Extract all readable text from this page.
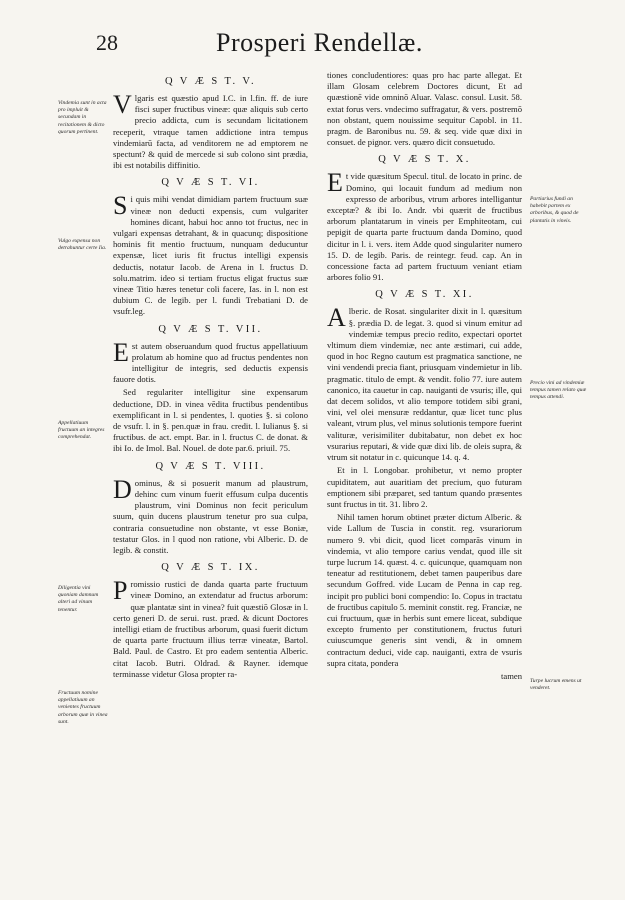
28	Prosperi Rendellæ.
Q V Æ S T. V.

Vlgaris est quæstio apud I.C. in l.fin. ff. de iure fisci super fructibus vineæ: quæ aliquis sub certo precio addicta, cum is secundam licitationem receperit, vtraque tamen addictione intra tempus vindemiarū facta, ad venditorem ne ad emptorem ne spectunt? & quid de mercede si sub colono sint prædia, ibi est notabilis diffinitio.

Q V Æ S T. VI.

Si quis mihi vendat dimidiam partem fructuum suæ vineæ non deducti expensis, cum vulgariter homines dicant, habui hoc anno tot fructus, nec in vulgari expensas detrahant, & in quacunq; dispositione hominis fit mentio fructuum, nunquam deducuntur expensæ, licet iuris fit fructus intelligi expensis deductis, notatur Iacob. de Arena in l. fructus D. solu.matrim. ideo si tertiam fructus eligat fructus suæ vineæ Titio hæres tenetur coli facere, Ias. in l. non est dubium C. de legib. per l. fundi Trebatiani D. de vsufr.leg.

Q V Æ S T. VII.

Est autem obseruandum quod fructus appellatiuum prolatum ab homine quo ad fructus pendentes non intelligitur de integris, sed deductis expensis fauore dotis.

Sed regulariter intelligitur sine expensarum deductione, DD. in vinea vēdita fructibus pendentibus exemplificant in l. si pendentes, l. quoties §. si colono de vsufr. l. in §. pen.quæ in frau. credit. l. Iulianus §. si fructibus. de act. empt. Bar. in l. fructus C. de donat. & ibi Io. de Imol. Bal. Nouel. de dote par.6. priuil. 75.

Q V Æ S T. VIII.

Dominus, & si posuerit manum ad plaustrum, dehinc cum vinum fuerit effusum culpa ducentis plaustrum, vini Dominus non fecit periculum suum, quin ducens plaustrum tenetur pro sua culpa, contraria consuetudine non obstante, vt esse Boniæ, testatur Glos. in l quod non ratione, vbi Alberic. D. de legib. & constit.

Q V Æ S T. IX.

Promissio rustici de danda quarta parte fructuum vineæ Domino, an extendatur ad fructus arborum: quæ plantatæ sint in vinea? fuit quæstiō Glosæ in l. certo generi D. de serui. rust. præd. & dicunt Doctores intelligi etiam de fructibus arborum, quasi fuerit dictum de quarta parte fructuum illius terræ vineatæ, Bartol. Bald. Paul. de Castro. Et pro eadem sententia Alberic. citat Iacob. Butri. Oldrad. & Rayner. idemque terminasse videtur Glosa propter ra-

tiones concludentiores: quas pro hac parte allegat. Et illam Glosam celebrem Doctores dicunt, Et ad quæstionē vide omninō Aluar. Valasc. consul. Lusit. 58. extat forus vers. vndecimo suffragatur, & vers. postremō non obstant, quem nouissime sequitur Capobl. in 11. pragm. de Baronibus nu. 59. & seq. vide quæ dixi in consuet. de pignor. vers. quæro dicit consuetudo.

Q V Æ S T. X.

Et vide quæsitum Specul. titul. de locato in princ. de Domino, qui locauit fundum ad medium non expresso de arboribus, vtrum arbores intelligantur exceptæ? & ibi Io. Andr. vbi quærit de fructibus arborum plantatarum in vineis per Emphiteotam, cui pepigit de quarta parte fructuum danda Domino, quod dicitur in l. i. vers. item Adde quod singulariter numero 15. D. de legib. Paris. de reintegr. feud. cap. An in concessione facta ad partem fructuum veniant etiam arbores folio 91.

Q V Æ S T. XI.

Alberic. de Rosat. singulariter dixit in l. quæsitum §. prædia D. de legat. 3. quod si vinum emitur ad vindemiæ tempus precio redito, expectari oportet vltimum diem vindemiæ, nec ante æstimari, cui adde, quod in hoc Regno cautum est pragmatica sanctione, ne vini vendendi precia fiant, priusquam vindemietur in lib. pragmatic. titulo de empt. & vendit. folio 77. iure autem canonico, ita cauetur in cap. nauiganti de vsuris; ille, qui dat decem solidos, vt alio tempore totidem sibi grani, vini, vel olei mensuræ reddantur, quæ licet tunc plus valeant, vtrum plus, vel minus solutionis tempore fuerint valituræ, verisimiliter dubitabatur, non debet ex hoc vsurarius reputari, & vide quæ dixi lib. de oleis supra, & vtrum sit notatur in c. quicunque 14. q. 4.

Et in l. Longobar. prohibetur, vt nemo propter cupiditatem, aut auaritiam det precium, quo futuram emptionem sibi præparet, sed tantum quando præsentes sunt fructus in tit. 31. libro 2.

Nihil tamen horum obtinet præter dictum Alberic. & vide Lallum de Tuscia in constit. reg. vsurariorum numero 9. vbi dicit, quod licet comparās vinum in vindemia, vt alio tempore carius vendat, quod ille sit turpe lucrum 14. quæst. 4. c. quicunque, quamquam non teneatur ad restitutionem, debet tamen pauperibus dare secundum Goffred. vide Lucam de Penna in cap reg. incipit pro publici boni compendio: Io. Copus in tractatu de fructibus capitulo 5. meminit constit. reg. Franciæ, ne cui fructuum, quæ in herbis sunt emere liceat, subdique excepto frumento per constitutionem, fructus futuri cuiuscumque generis sint vendi, & in omnem contractum deduci, vide cap. nauiganti, extra de vsuris supra citata, pondera

tamen
Vindemia sunt in acta pro impluit & secundam in recitationem & dicto quorum pertinent.
Vulgo expensa non detrahuntur certe Iia.
Appellatiuum fructuum an integres comprehendat.
Diligentia vini quoniam damnum alteri ad vinum tenentur.
Fructuum nomine appellatiuum an venientes fructuum arborum quæ in vinea sunt.
Partiarius fundi an habebit partem ex arboribus, & quod de plantatis in vineis.
Precio vini ad vindemiæ tempus tamen relato quæ tempus attendi.
Turpe lucrum emens ut venderet.
